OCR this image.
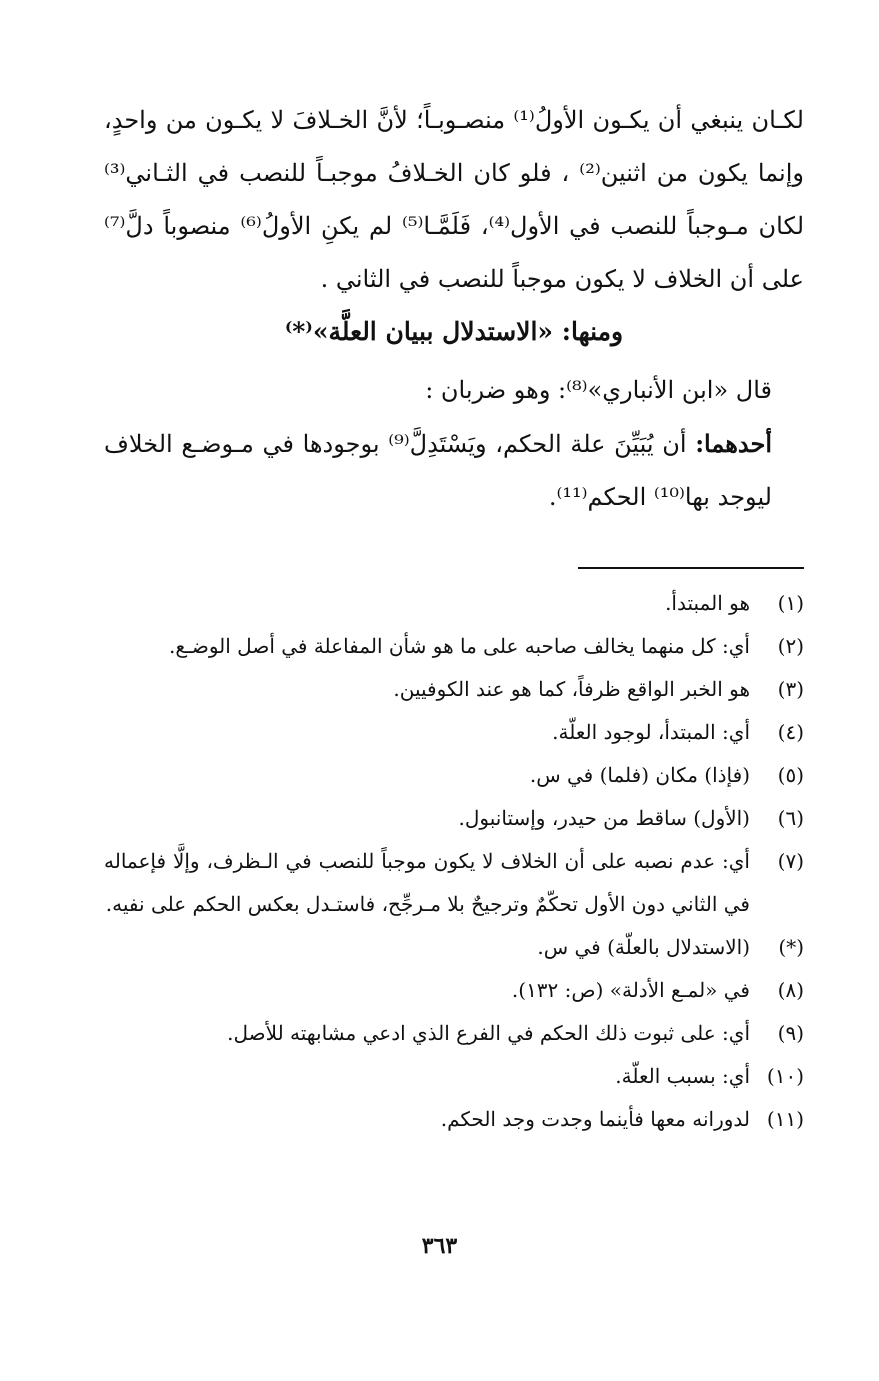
لكـان ينبغي أن يكـون الأولُ⁽¹⁾ منصـوبـاً؛ لأنَّ الخـلافَ لا يكـون من واحدٍ، وإنما يكون من اثنين⁽²⁾ ، فلو كان الخـلافُ موجبـاً للنصب في الثـاني⁽³⁾ لكان مـوجباً للنصب في الأول⁽⁴⁾، فَلَمَّـا⁽⁵⁾ لم يكنِ الأولُ⁽⁶⁾ منصوباً دلَّ⁽⁷⁾ على أن الخلاف لا يكون موجباً للنصب في الثاني .

ومنها: «الاستدلال ببيان العلَّة»⁽*⁾

قال «ابن الأنباري»⁽⁸⁾: وهو ضربان :

أحدهما: أن يُبَيِّنَ علة الحكم، ويَسْتَدِلَّ⁽⁹⁾ بوجودها في مـوضـع الخلاف ليوجد بها⁽¹⁰⁾ الحكم⁽¹¹⁾.

(١)
هو المبتدأ.
(٢)
أي: كل منهما يخالف صاحبه على ما هو شأن المفاعلة في أصل الوضـع.
(٣)
هو الخبر الواقع ظرفاً، كما هو عند الكوفيين.
(٤)
أي: المبتدأ، لوجود العلّة.
(٥)
(فإذا) مكان (فلما) في س.
(٦)
(الأول) ساقط من حيدر، وإستانبول.
(٧)
أي: عدم نصبه على أن الخلاف لا يكون موجباً للنصب في الـظرف، وإلَّا فإعماله في الثاني دون الأول تحكّمٌ وترجيحٌ بلا مـرجِّح، فاستـدل بعكس الحكم على نفيه.
(*)
(الاستدلال بالعلّة) في س.
(٨)
في «لمـع الأدلة» (ص: ١٣٢).
(٩)
أي: على ثبوت ذلك الحكم في الفرع الذي ادعي مشابهته للأصل.
(١٠)
أي: بسبب العلّة.
(١١)
لدورانه معها فأينما وجدت وجد الحكم.
٣٦٣
